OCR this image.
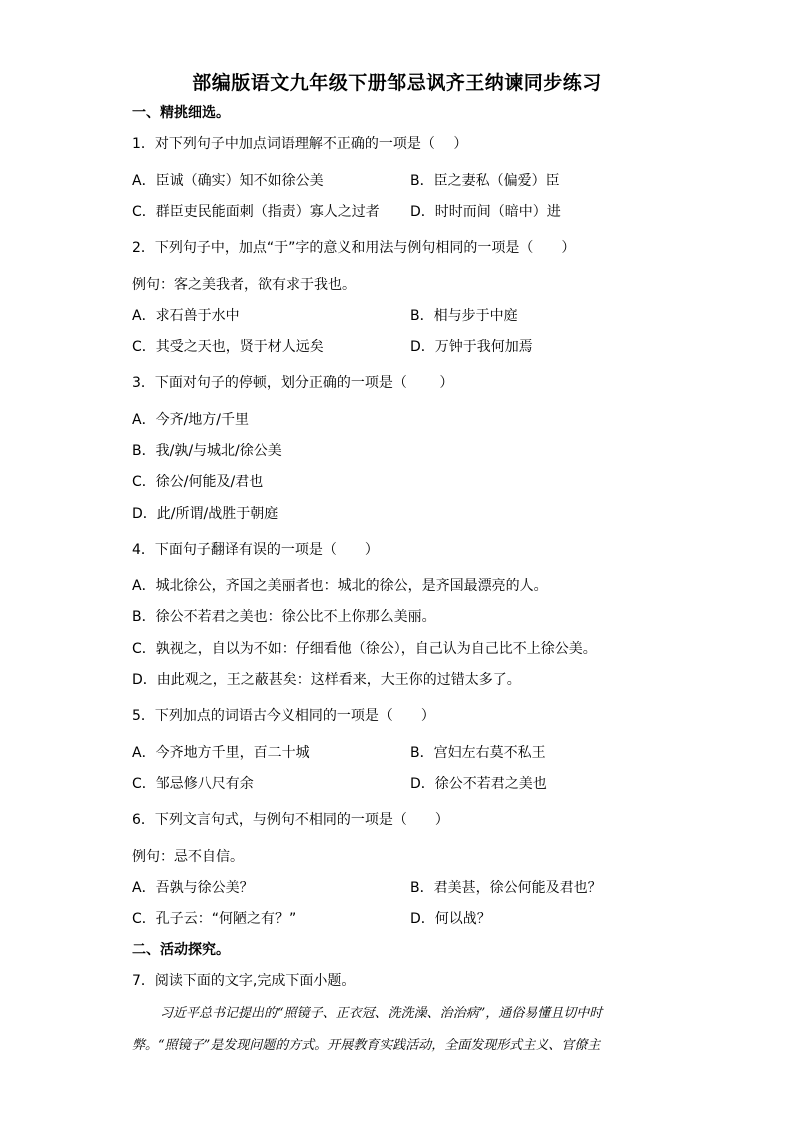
部编版语文九年级下册邹忌讽齐王纳谏同步练习
一、精挑细选。
1．对下列句子中加点词语理解不正确的一项是（　 ）
A．臣诚（确实）知不如徐公美	B．臣之妻私（偏爱）臣
C．群臣吏民能面刺（指责）寡人之过者 D．时时而间（暗中）进
2．下列句子中，加点“于”字的意义和用法与例句相同的一项是（　　）
例句：客之美我者，欲有求于我也。
A．求石兽于水中	B．相与步于中庭
C．其受之天也，贤于材人远矣	D．万钟于我何加焉
3．下面对句子的停顿，划分正确的一项是（　　 ）
A．今齐/地方/千里
B．我/孰/与城北/徐公美
C．徐公/何能及/君也
D．此/所谓/战胜于朝庭
4．下面句子翻译有误的一项是（　　）
A．城北徐公，齐国之美丽者也：城北的徐公，是齐国最漂亮的人。
B．徐公不若君之美也：徐公比不上你那么美丽。
C．孰视之，自以为不如：仔细看他（徐公），自己认为自己比不上徐公美。
D．由此观之，王之蔽甚矣：这样看来，大王你的过错太多了。
5．下列加点的词语古今义相同的一项是（　　）
A．今齐地方千里，百二十城	B．宫妇左右莫不私王
C．邹忌修八尺有余	D．徐公不若君之美也
6．下列文言句式，与例句不相同的一项是（　　）
例句：忌不自信。
A．吾孰与徐公美？	B．君美甚，徐公何能及君也？
C．孔子云：“何陋之有？”	D．何以战？
二、活动探究。
7．阅读下面的文字,完成下面小题。
习近平总书记提出的“照镜子、正衣冠、洗洗澡、治治病”，通俗易懂且切中时
弊。“照镜子”是发现问题的方式。开展教育实践活动，全面发现形式主义、官僚主
